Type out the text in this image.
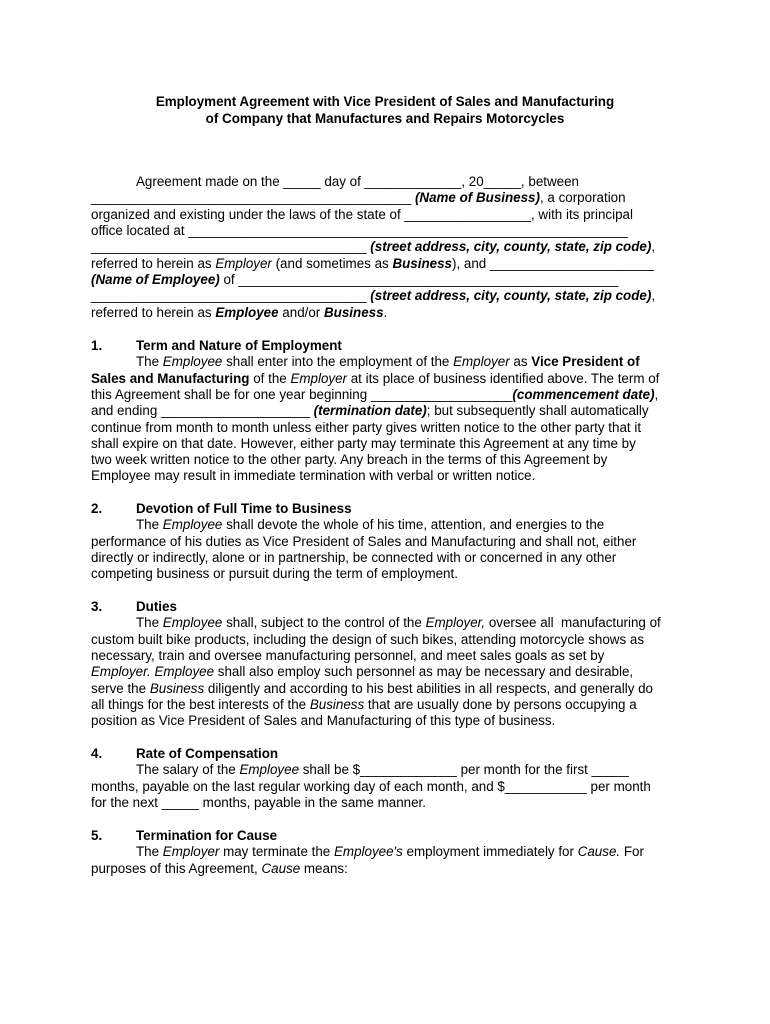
Employment Agreement with Vice President of Sales and Manufacturing
of Company that Manufactures and Repairs Motorcycles
Agreement made on the _____ day of _____________, 20_____, between
___________________________________________ (Name of Business), a corporation
organized and existing under the laws of the state of _________________, with its principal
office located at ___________________________________________________________
_____________________________________ (street address, city, county, state, zip code),
referred to herein as Employer (and sometimes as Business), and ______________________
(Name of Employee) of ___________________________________________________
_____________________________________ (street address, city, county, state, zip code),
referred to herein as Employee and/or Business.
1.	Term and Nature of Employment
The Employee shall enter into the employment of the Employer as Vice President of
Sales and Manufacturing of the Employer at its place of business identified above. The term of
this Agreement shall be for one year beginning ___________________(commencement date),
and ending ____________________ (termination date); but subsequently shall automatically
continue from month to month unless either party gives written notice to the other party that it
shall expire on that date. However, either party may terminate this Agreement at any time by
two week written notice to the other party. Any breach in the terms of this Agreement by
Employee may result in immediate termination with verbal or written notice.
2.	Devotion of Full Time to Business
The Employee shall devote the whole of his time, attention, and energies to the
performance of his duties as Vice President of Sales and Manufacturing and shall not, either
directly or indirectly, alone or in partnership, be connected with or concerned in any other
competing business or pursuit during the term of employment.
3.	Duties
The Employee shall, subject to the control of the Employer, oversee all  manufacturing of
custom built bike products, including the design of such bikes, attending motorcycle shows as
necessary, train and oversee manufacturing personnel, and meet sales goals as set by
Employer. Employee shall also employ such personnel as may be necessary and desirable,
serve the Business diligently and according to his best abilities in all respects, and generally do
all things for the best interests of the Business that are usually done by persons occupying a
position as Vice President of Sales and Manufacturing of this type of business.
4.	Rate of Compensation
The salary of the Employee shall be $_____________ per month for the first _____
months, payable on the last regular working day of each month, and $___________ per month
for the next _____ months, payable in the same manner.
5.	Termination for Cause
The Employer may terminate the Employee's employment immediately for Cause. For
purposes of this Agreement, Cause means:
